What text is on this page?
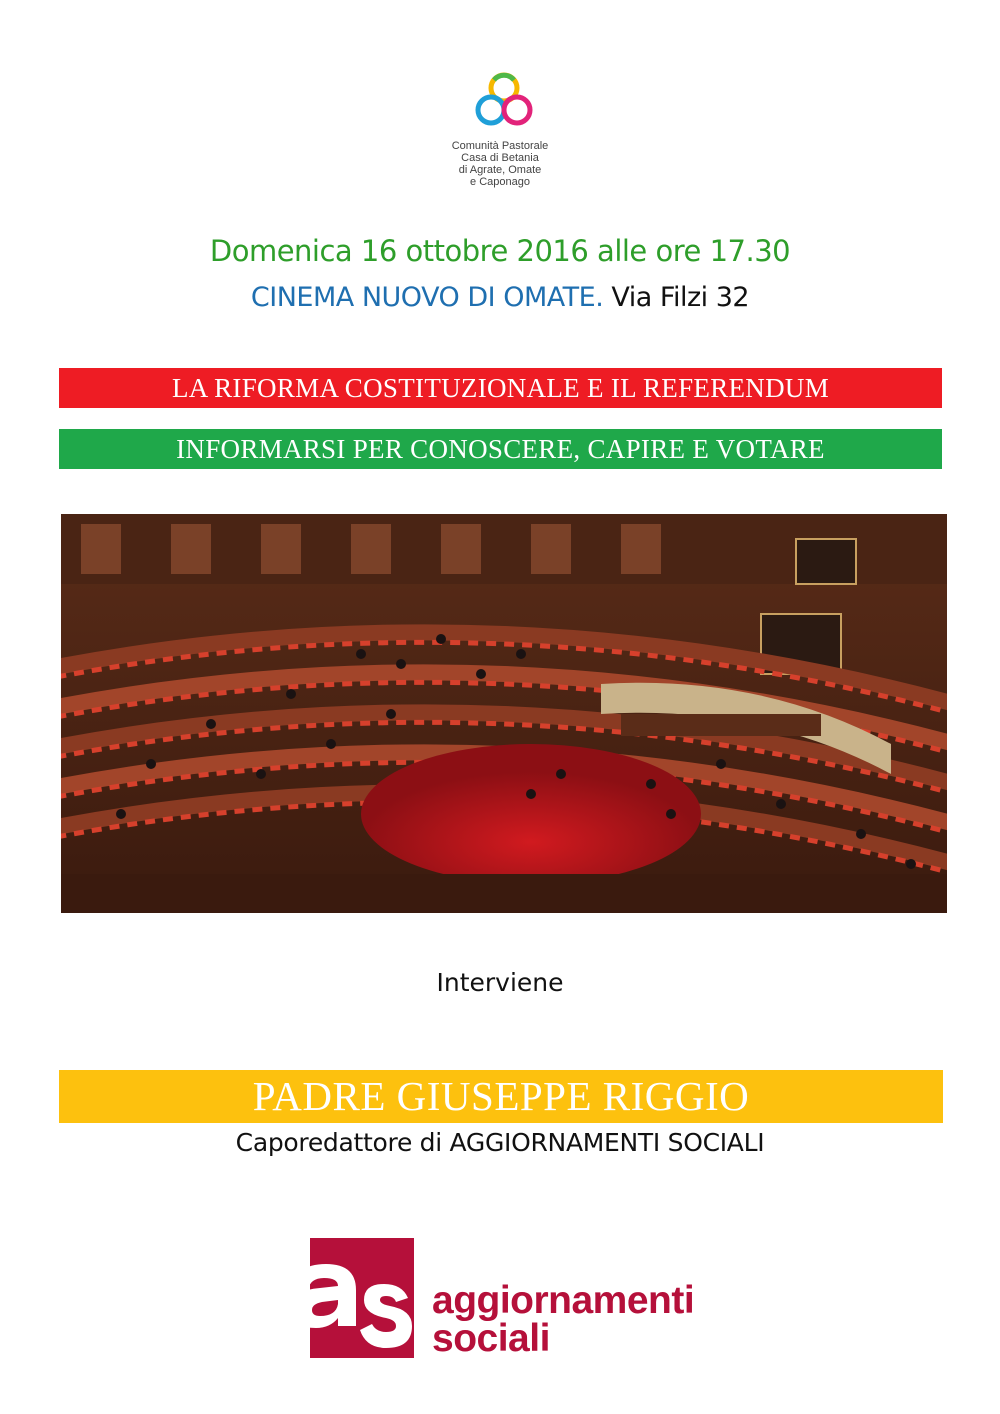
Comunità Pastorale
Casa di Betania
di Agrate, Omate
e Caponago
Domenica 16 ottobre 2016 alle ore 17.30
CINEMA NUOVO DI OMATE. Via Filzi 32
LA RIFORMA COSTITUZIONALE E IL REFERENDUM
INFORMARSI PER CONOSCERE, CAPIRE E VOTARE
Interviene
PADRE GIUSEPPE RIGGIO
Caporedattore di AGGIORNAMENTI SOCIALI
aggiornamenti
sociali
